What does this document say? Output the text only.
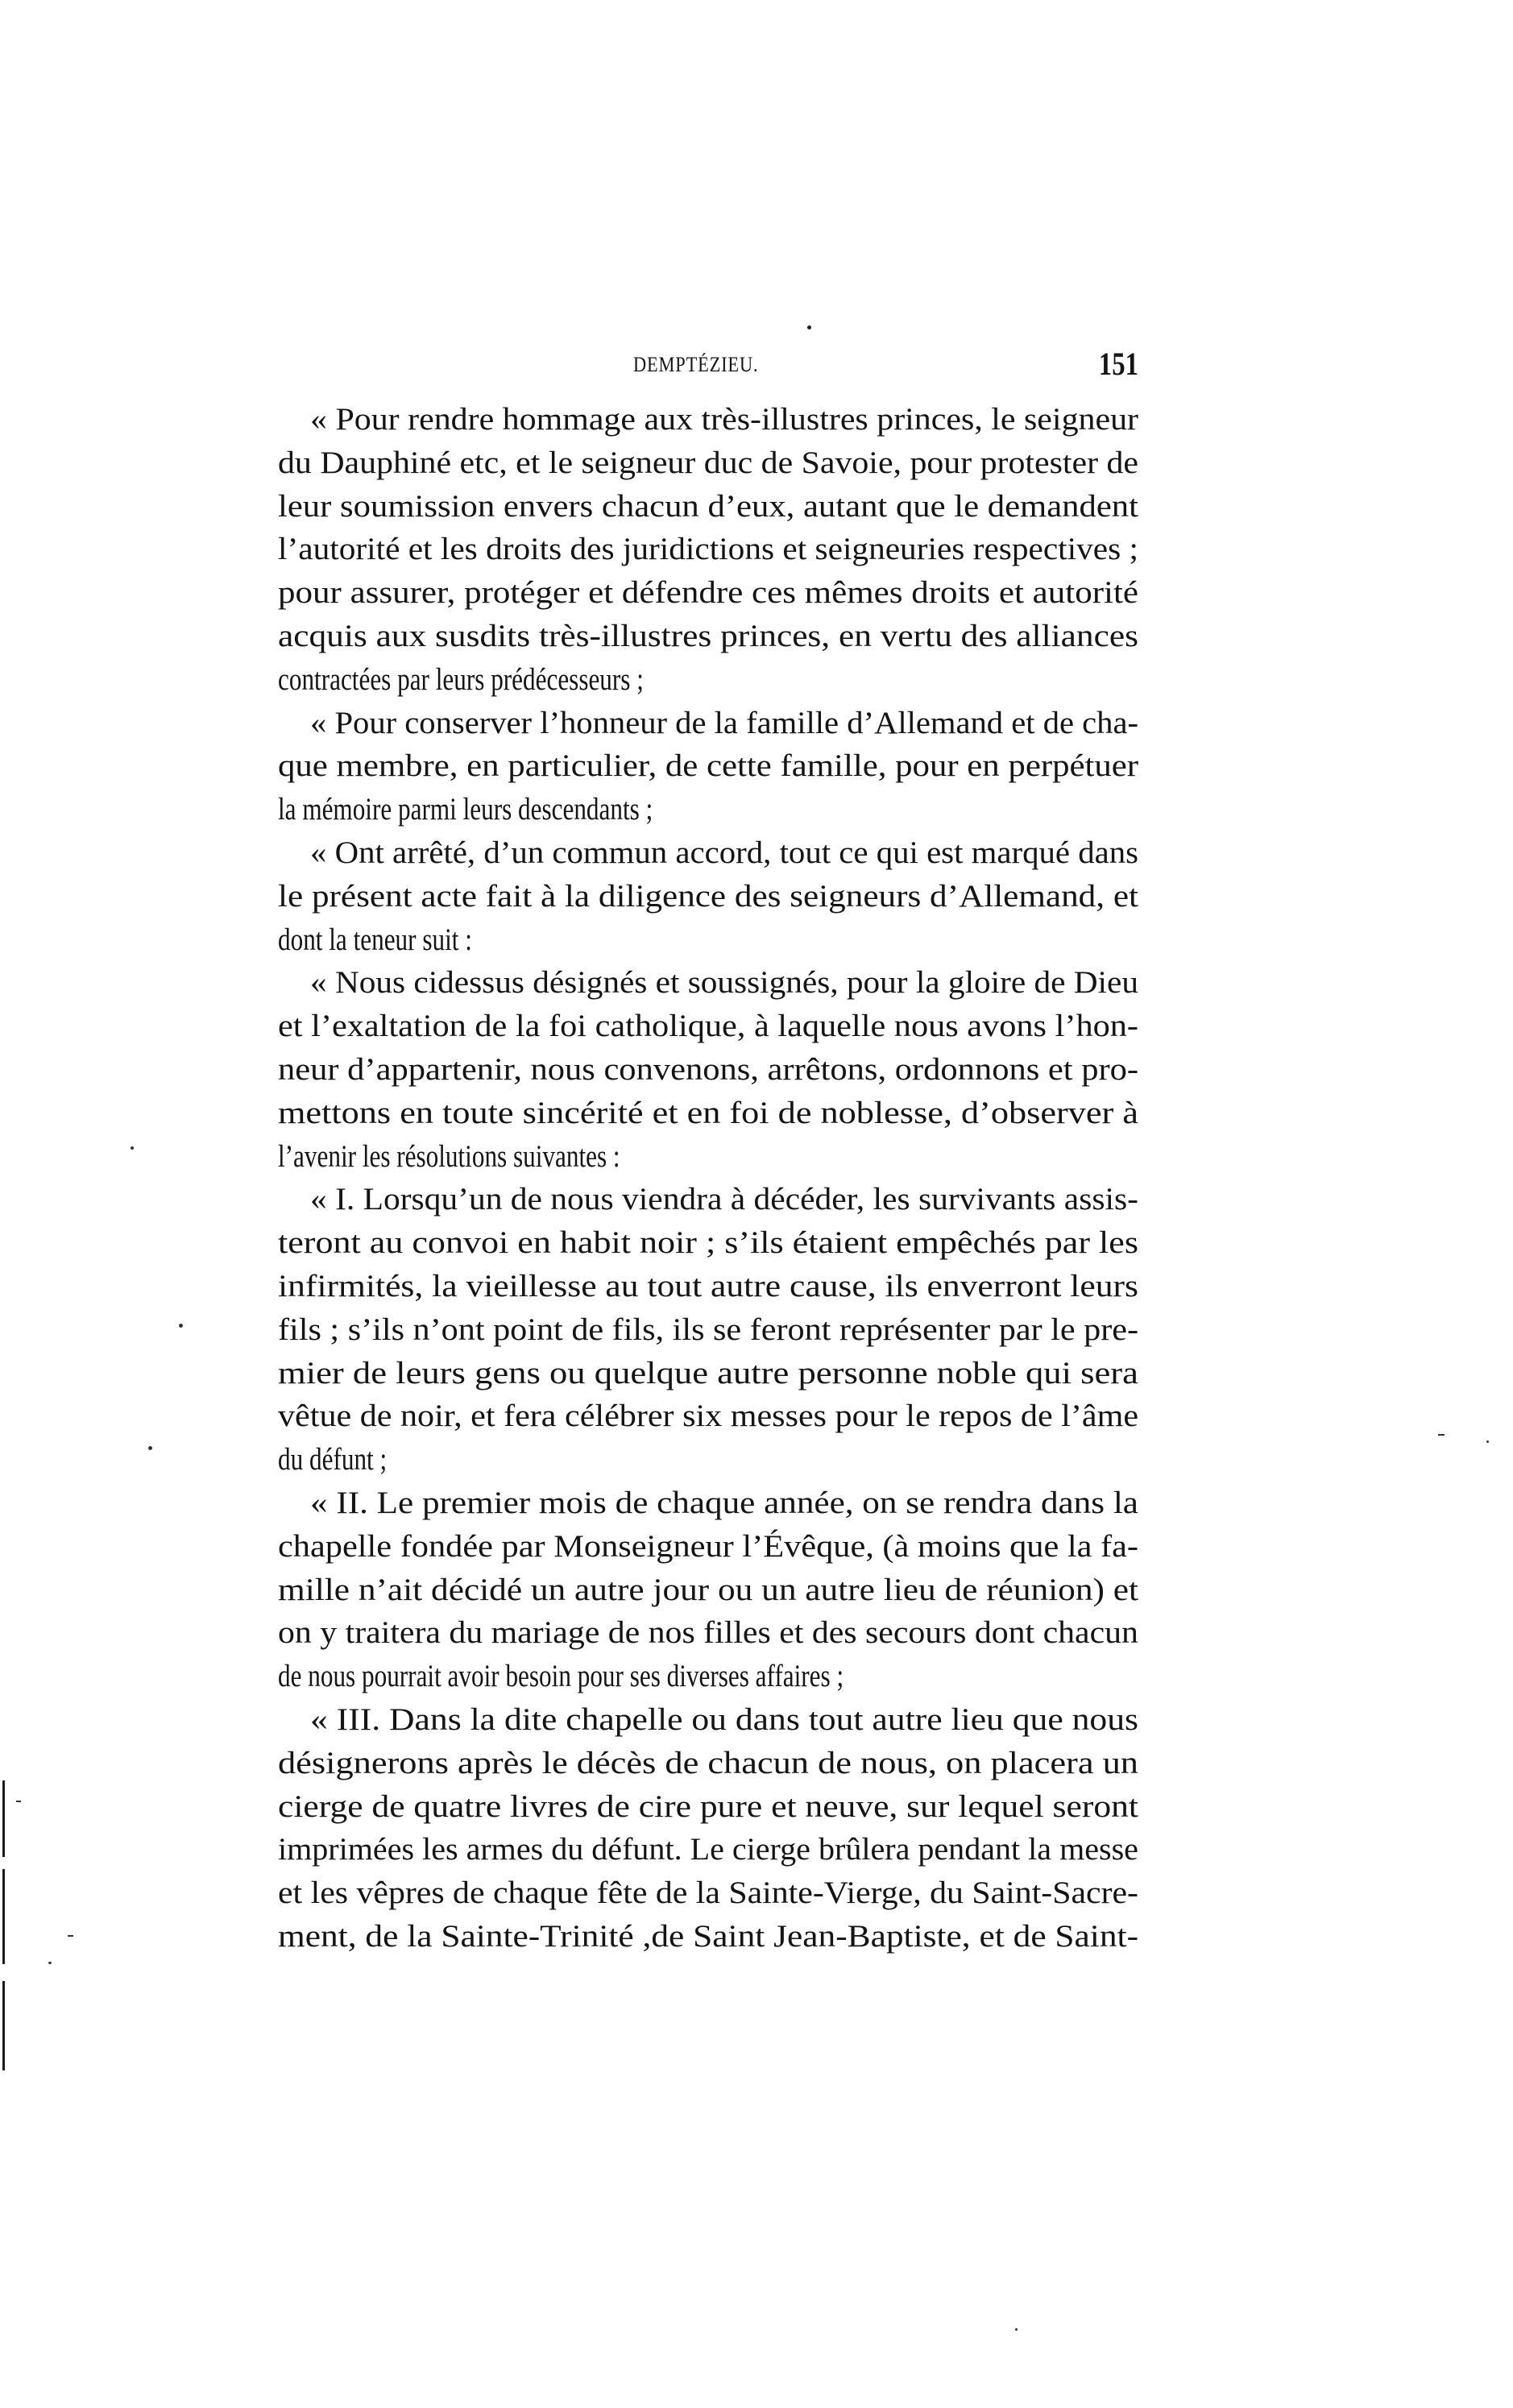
DEMPTÉZIEU.	151
« Pour rendre hommage aux très-illustres princes, le seigneur
du Dauphiné etc, et le seigneur duc de Savoie, pour protester de
leur soumission envers chacun d’eux, autant que le demandent
l’autorité et les droits des juridictions et seigneuries respectives ;
pour assurer, protéger et défendre ces mêmes droits et autorité
acquis aux susdits très-illustres princes, en vertu des alliances
contractées par leurs prédécesseurs ;
« Pour conserver l’honneur de la famille d’Allemand et de cha-
que membre, en particulier, de cette famille, pour en perpétuer
la mémoire parmi leurs descendants ;
« Ont arrêté, d’un commun accord, tout ce qui est marqué dans
le présent acte fait à la diligence des seigneurs d’Allemand, et
dont la teneur suit :
« Nous cidessus désignés et soussignés, pour la gloire de Dieu
et l’exaltation de la foi catholique, à laquelle nous avons l’hon-
neur d’appartenir, nous convenons, arrêtons, ordonnons et pro-
mettons en toute sincérité et en foi de noblesse, d’observer à
l’avenir les résolutions suivantes :
« I. Lorsqu’un de nous viendra à décéder, les survivants assis-
teront au convoi en habit noir ; s’ils étaient empêchés par les
infirmités, la vieillesse au tout autre cause, ils enverront leurs
fils ; s’ils n’ont point de fils, ils se feront représenter par le pre-
mier de leurs gens ou quelque autre personne noble qui sera
vêtue de noir, et fera célébrer six messes pour le repos de l’âme
du défunt ;
« II. Le premier mois de chaque année, on se rendra dans la
chapelle fondée par Monseigneur l’Évêque, (à moins que la fa-
mille n’ait décidé un autre jour ou un autre lieu de réunion) et
on y traitera du mariage de nos filles et des secours dont chacun
de nous pourrait avoir besoin pour ses diverses affaires ;
« III. Dans la dite chapelle ou dans tout autre lieu que nous
désignerons après le décès de chacun de nous, on placera un
cierge de quatre livres de cire pure et neuve, sur lequel seront
imprimées les armes du défunt. Le cierge brûlera pendant la messe
et les vêpres de chaque fête de la Sainte-Vierge, du Saint-Sacre-
ment, de la Sainte-Trinité ,de Saint Jean-Baptiste, et de Saint-
